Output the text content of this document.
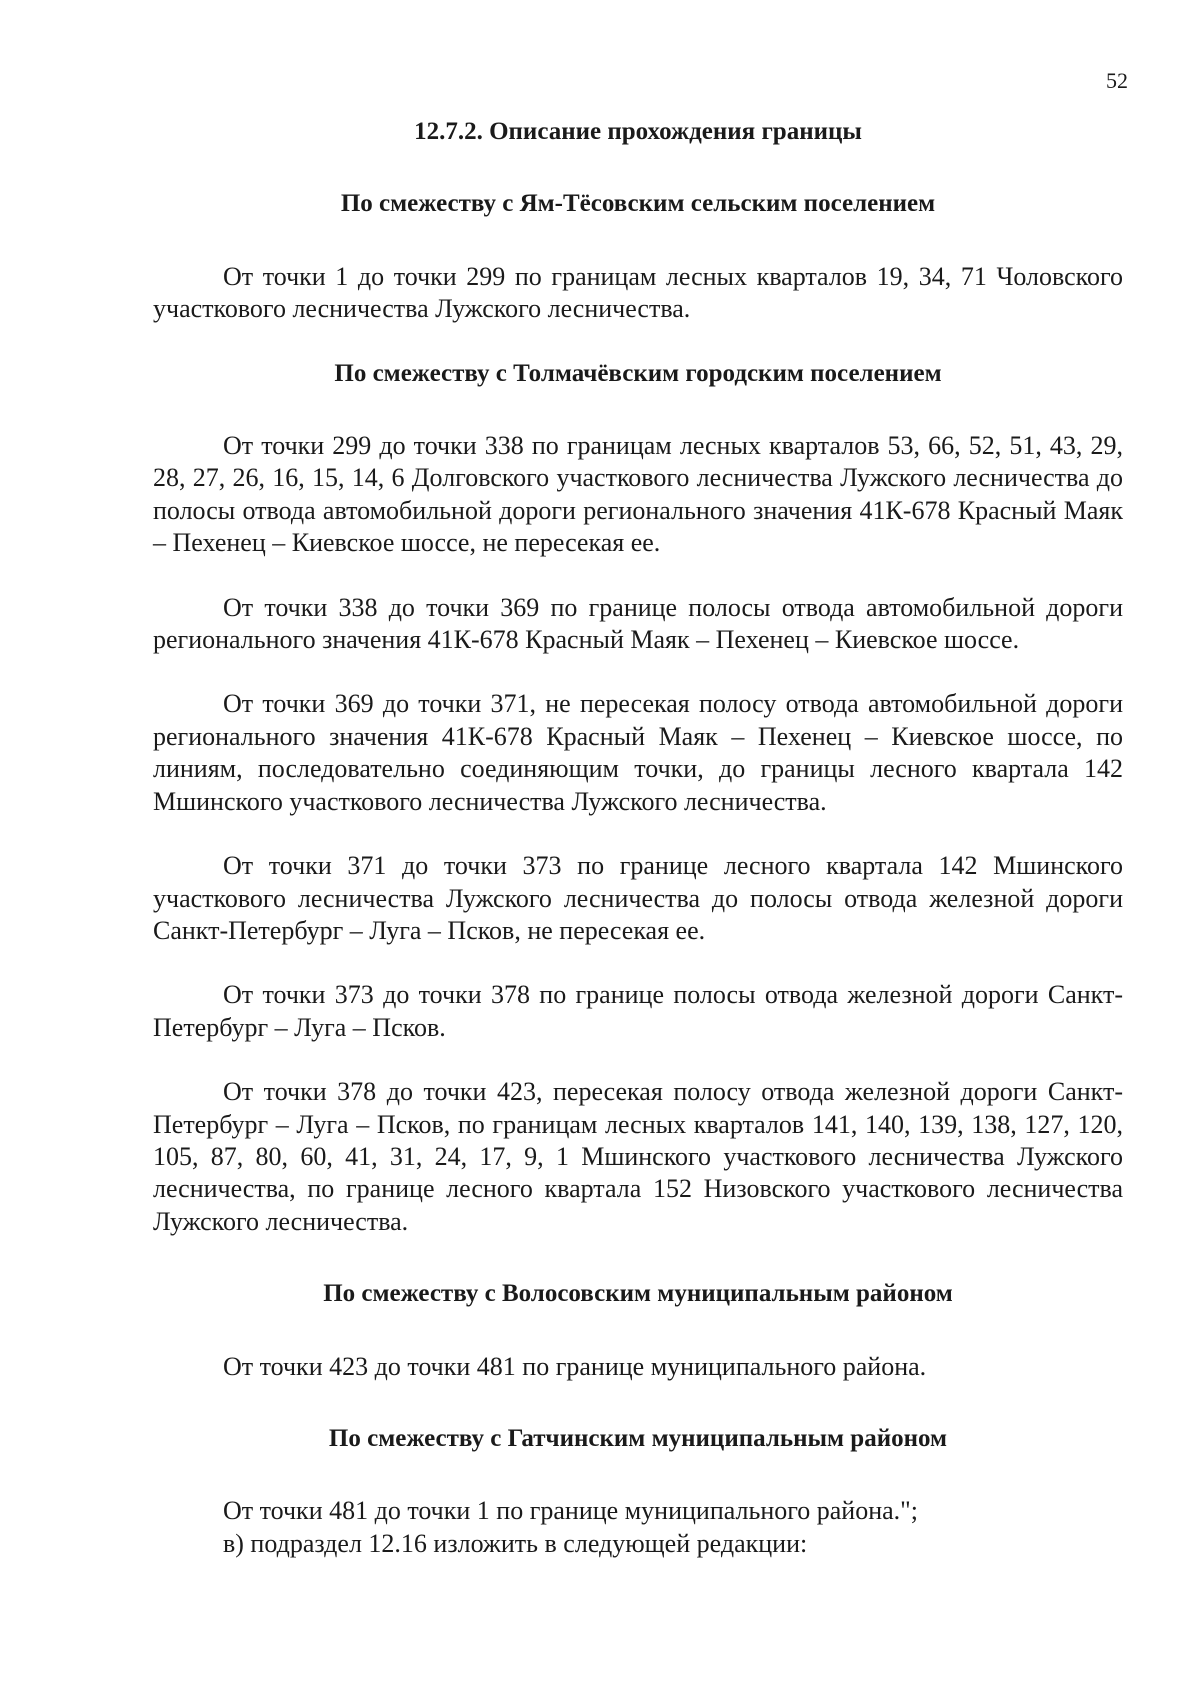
52

12.7.2. Описание прохождения границы

По смежеству с Ям-Тёсовским сельским поселением

От точки 1 до точки 299 по границам лесных кварталов 19, 34, 71 Чоловского участкового лесничества Лужского лесничества.

По смежеству с Толмачёвским городским поселением

От точки 299 до точки 338 по границам лесных кварталов 53, 66, 52, 51, 43, 29, 28, 27, 26, 16, 15, 14, 6 Долговского участкового лесничества Лужского лесничества до полосы отвода автомобильной дороги регионального значения 41К-678 Красный Маяк – Пехенец – Киевское шоссе, не пересекая ее.

От точки 338 до точки 369 по границе полосы отвода автомобильной дороги регионального значения 41К-678 Красный Маяк – Пехенец – Киевское шоссе.

От точки 369 до точки 371, не пересекая полосу отвода автомобильной дороги регионального значения 41К-678 Красный Маяк – Пехенец – Киевское шоссе, по линиям, последовательно соединяющим точки, до границы лесного квартала 142 Мшинского участкового лесничества Лужского лесничества.

От точки 371 до точки 373 по границе лесного квартала 142 Мшинского участкового лесничества Лужского лесничества до полосы отвода железной дороги Санкт-Петербург – Луга – Псков, не пересекая ее.

От точки 373 до точки 378 по границе полосы отвода железной дороги Санкт-Петербург – Луга – Псков.

От точки 378 до точки 423, пересекая полосу отвода железной дороги Санкт-Петербург – Луга – Псков, по границам лесных кварталов 141, 140, 139, 138, 127, 120, 105, 87, 80, 60, 41, 31, 24, 17, 9, 1 Мшинского участкового лесничества Лужского лесничества, по границе лесного квартала 152 Низовского участкового лесничества Лужского лесничества.

По смежеству с Волосовским муниципальным районом

От точки 423 до точки 481 по границе муниципального района.

По смежеству с Гатчинским муниципальным районом

От точки 481 до точки 1 по границе муниципального района.";

в) подраздел 12.16 изложить в следующей редакции:
